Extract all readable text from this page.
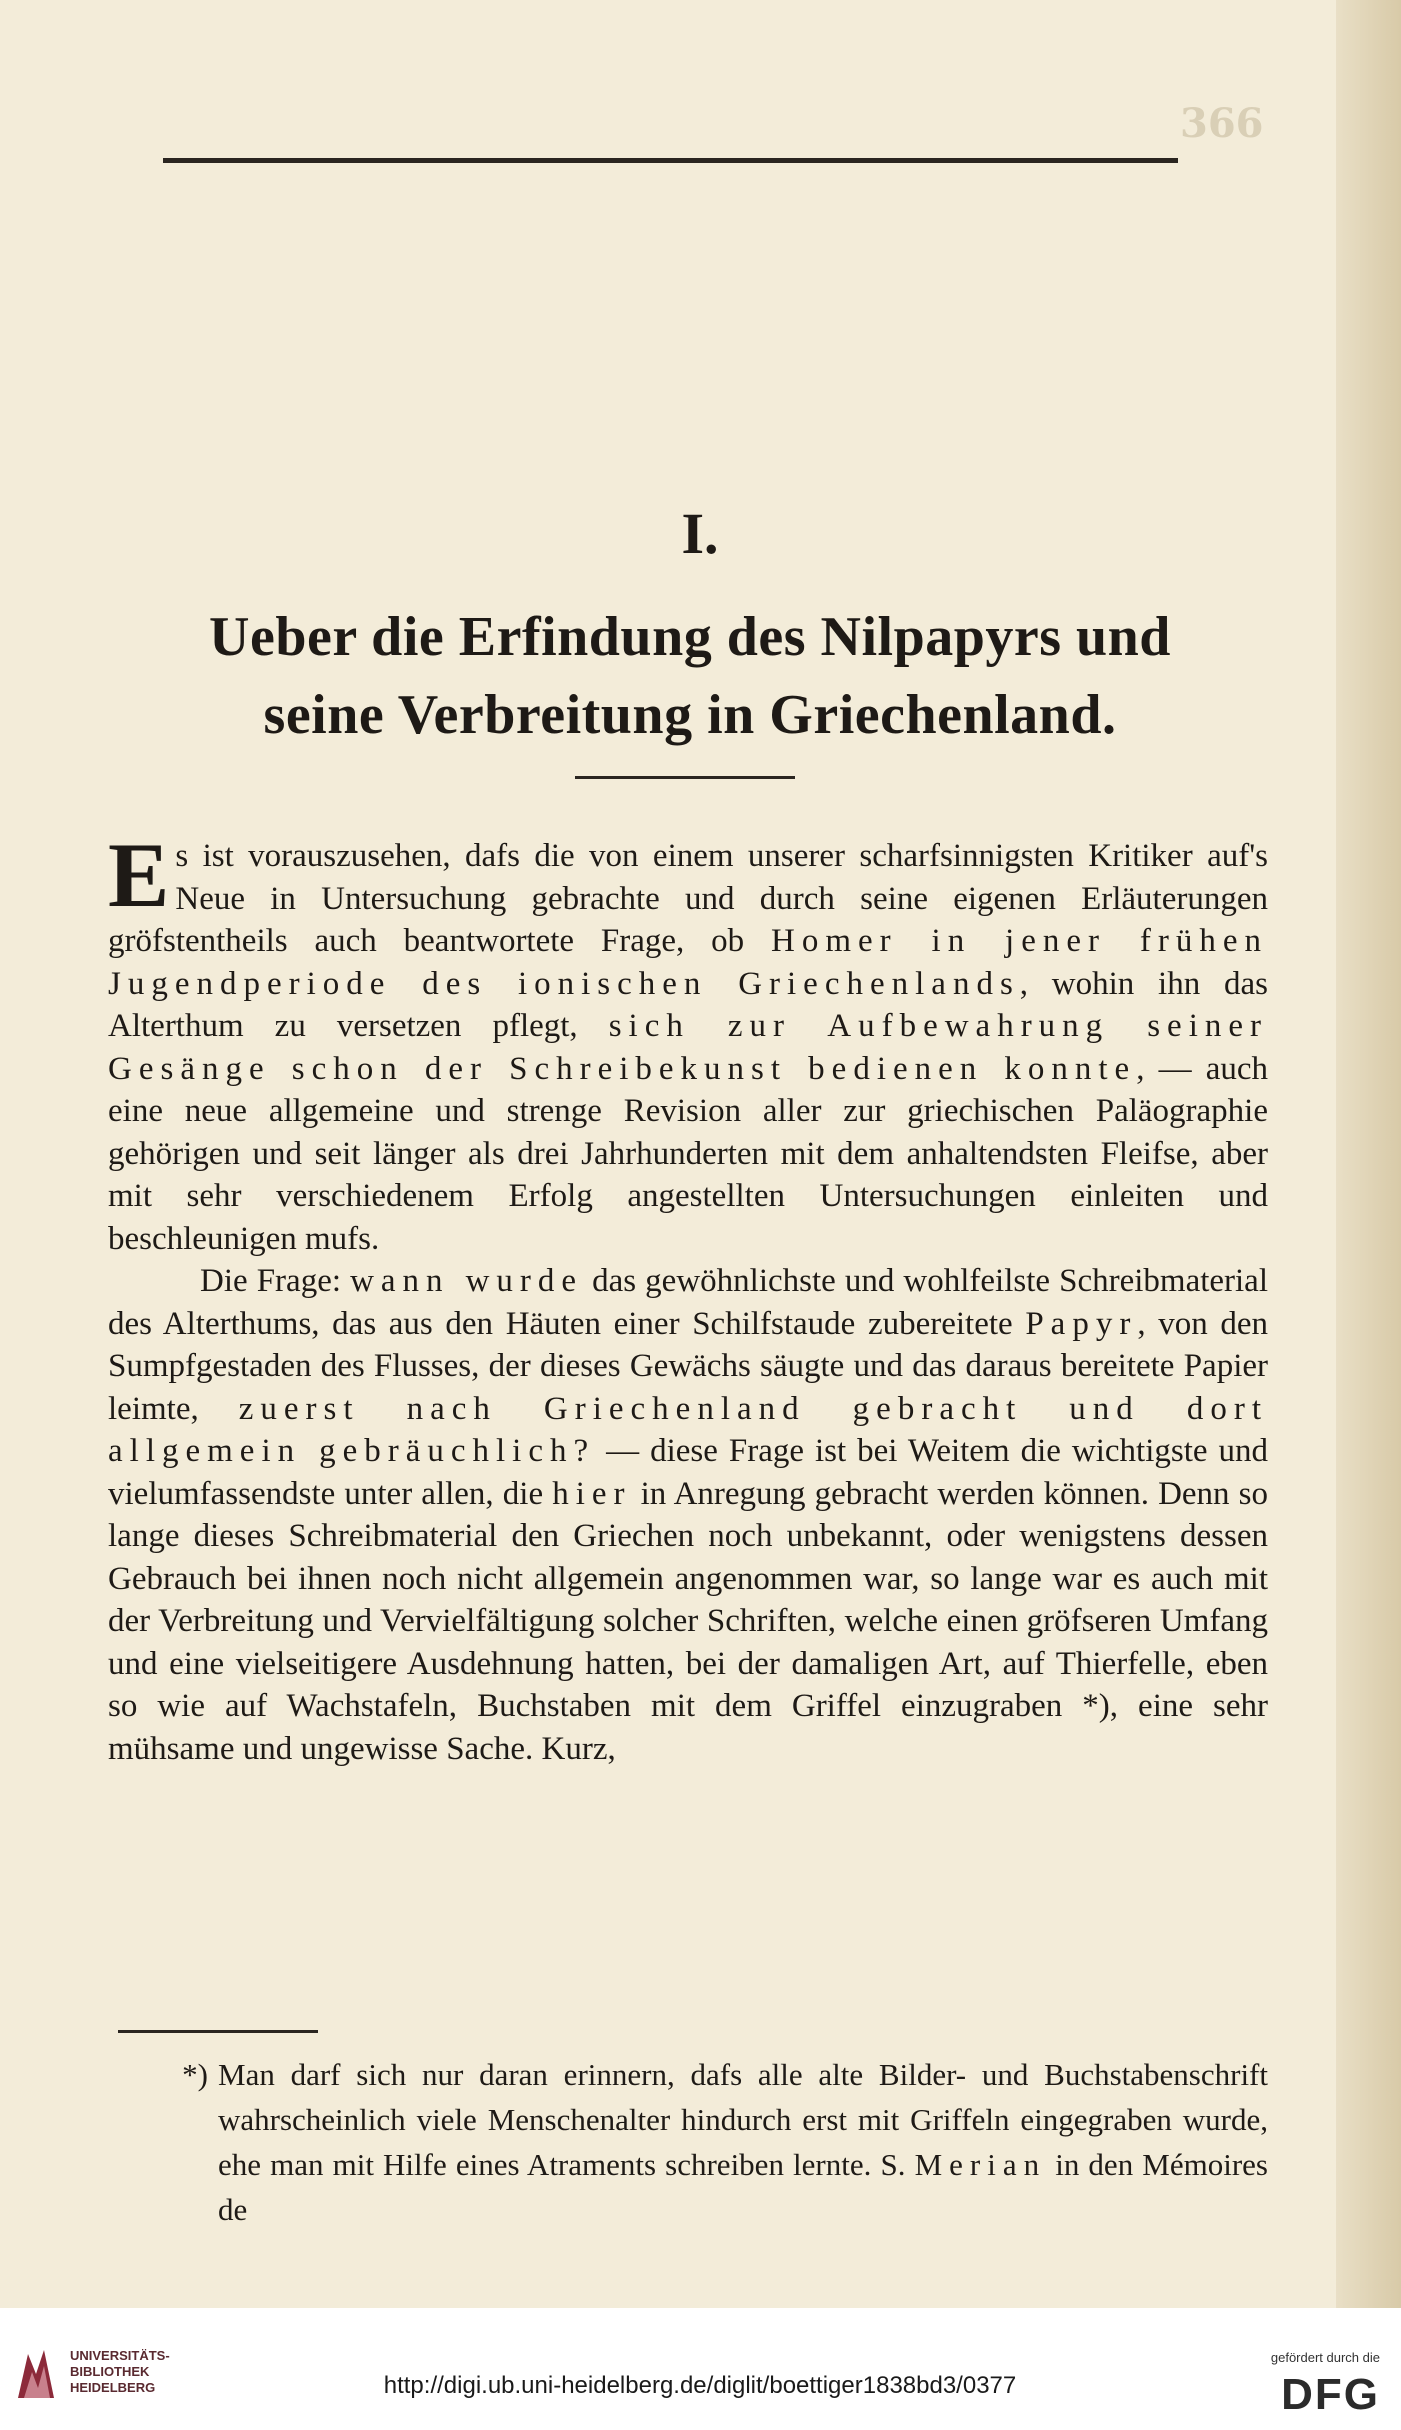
366
I.
Ueber die Erfindung des Nilpapyrs und
seine Verbreitung in Griechenland.

Es ist vorauszusehen, dafs die von einem unserer scharfsinnigsten Kritiker auf's Neue in Untersuchung gebrachte und durch seine eigenen Erläuterungen gröfstentheils auch beantwortete Frage, ob Homer in jener frühen Jugendperiode des ionischen Griechenlands, wohin ihn das Alterthum zu versetzen pflegt, sich zur Aufbewahrung seiner Gesänge schon der Schreibekunst bedienen konnte, — auch eine neue allgemeine und strenge Revision aller zur griechischen Paläographie gehörigen und seit länger als drei Jahrhunderten mit dem anhaltendsten Fleifse, aber mit sehr verschiedenem Erfolg angestellten Untersuchungen einleiten und beschleunigen mufs.

Die Frage: wann wurde das gewöhnlichste und wohlfeilste Schreibmaterial des Alterthums, das aus den Häuten einer Schilfstaude zubereitete Papyr, von den Sumpfgestaden des Flusses, der dieses Gewächs säugte und das daraus bereitete Papier leimte, zuerst nach Griechenland gebracht und dort allgemein gebräuchlich? — diese Frage ist bei Weitem die wichtigste und vielumfassendste unter allen, die hier in Anregung gebracht werden können. Denn so lange dieses Schreibmaterial den Griechen noch unbekannt, oder wenigstens dessen Gebrauch bei ihnen noch nicht allgemein angenommen war, so lange war es auch mit der Verbreitung und Vervielfältigung solcher Schriften, welche einen gröfseren Umfang und eine vielseitigere Ausdehnung hatten, bei der damaligen Art, auf Thierfelle, eben so wie auf Wachstafeln, Buchstaben mit dem Griffel einzugraben *), eine sehr mühsame und ungewisse Sache. Kurz,

*) Man darf sich nur daran erinnern, dafs alle alte Bilder- und Buchstabenschrift wahrscheinlich viele Menschenalter hindurch erst mit Griffeln eingegraben wurde, ehe man mit Hilfe eines Atraments schreiben lernte. S. Merian in den Mémoires de
UNIVERSITÄTS-
BIBLIOTHEK
HEIDELBERG	http://digi.ub.uni-heidelberg.de/diglit/boettiger1838bd3/0377
gefördert durch die
DFG
